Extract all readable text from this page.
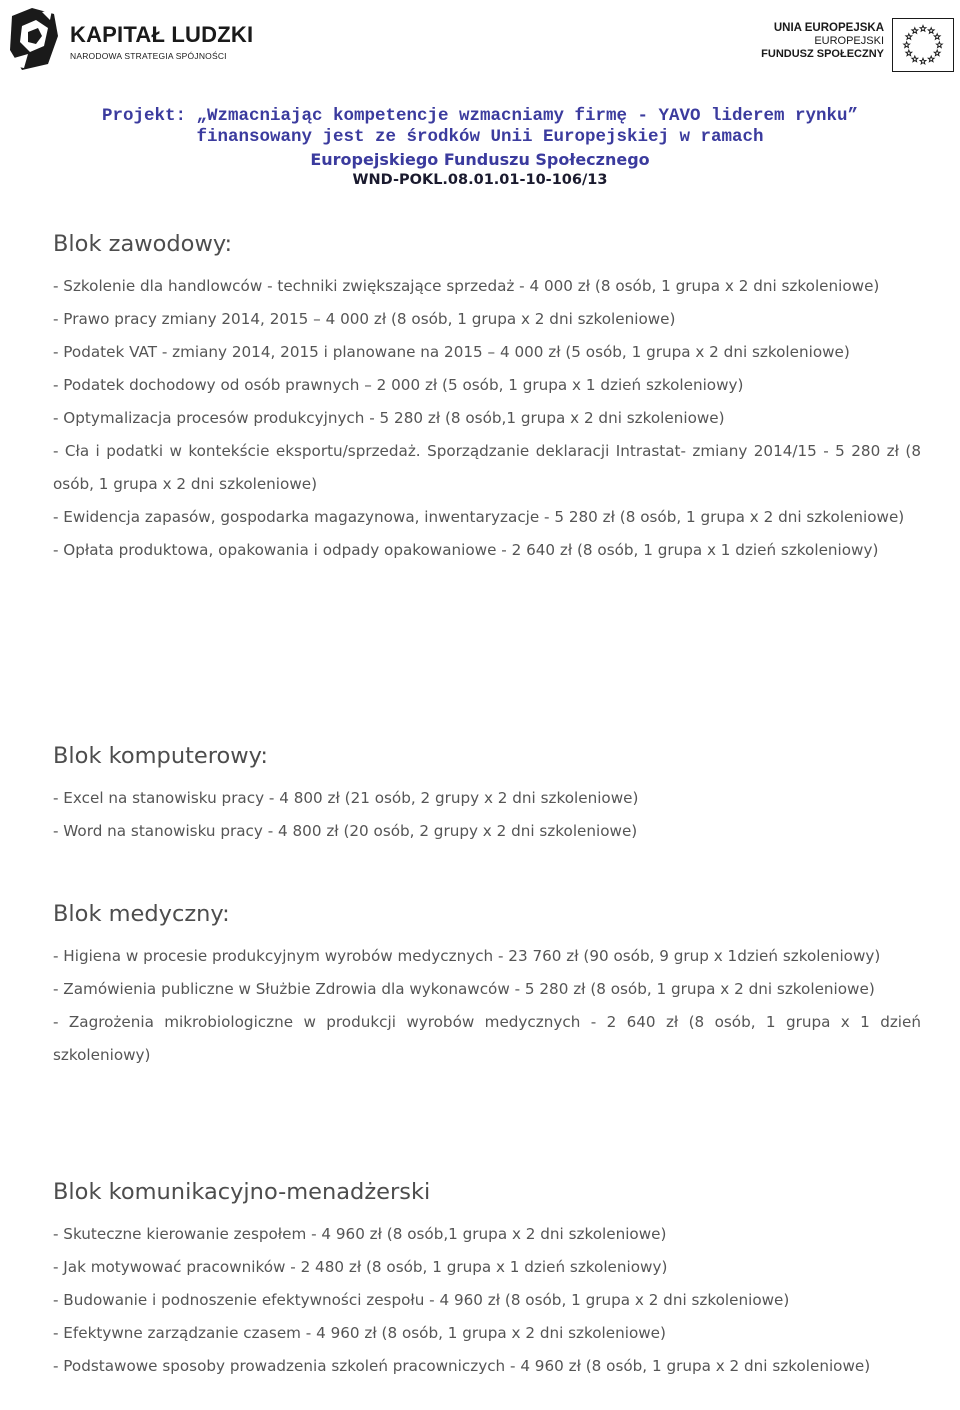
KAPITAŁ LUDZKI
NARODOWA STRATEGIA SPÓJNOŚCI
UNIA EUROPEJSKA
EUROPEJSKI
FUNDUSZ SPOŁECZNY
Projekt: „Wzmacniając kompetencje wzmacniamy firmę - YAVO liderem rynku”
finansowany jest ze środków Unii Europejskiej w ramach
Europejskiego Funduszu Społecznego
WND-POKL.08.01.01-10-106/13
Blok zawodowy:
- Szkolenie dla handlowców - techniki zwiększające sprzedaż - 4 000 zł (8 osób, 1 grupa x 2 dni szkoleniowe)
- Prawo pracy zmiany 2014, 2015 – 4 000 zł (8 osób, 1 grupa x 2 dni szkoleniowe)
- Podatek VAT - zmiany 2014, 2015 i planowane na 2015 – 4 000 zł (5 osób, 1 grupa x 2 dni szkoleniowe)
- Podatek dochodowy od osób prawnych – 2 000 zł (5 osób, 1 grupa x 1 dzień szkoleniowy)
- Optymalizacja procesów produkcyjnych - 5 280 zł (8 osób,1 grupa x 2 dni szkoleniowe)
- Cła i podatki w kontekście eksportu/sprzedaż. Sporządzanie deklaracji Intrastat- zmiany 2014/15 - 5 280 zł (8 osób, 1 grupa x 2 dni szkoleniowe)
- Ewidencja zapasów, gospodarka magazynowa, inwentaryzacje - 5 280 zł (8 osób, 1 grupa x 2 dni szkoleniowe)
- Opłata produktowa, opakowania i odpady opakowaniowe - 2 640 zł (8 osób, 1 grupa x 1 dzień szkoleniowy)
Blok komputerowy:
- Excel na stanowisku pracy - 4 800 zł (21 osób, 2 grupy x 2 dni szkoleniowe)
- Word na stanowisku pracy - 4 800 zł (20 osób, 2 grupy x 2 dni szkoleniowe)
Blok medyczny:
- Higiena w procesie produkcyjnym wyrobów medycznych - 23 760 zł (90 osób, 9 grup x 1dzień szkoleniowy)
- Zamówienia publiczne w Służbie Zdrowia dla wykonawców - 5 280 zł (8 osób, 1 grupa x 2 dni szkoleniowe)
- Zagrożenia mikrobiologiczne w produkcji wyrobów medycznych - 2 640 zł (8 osób, 1 grupa x 1 dzień szkoleniowy)
Blok komunikacyjno-menadżerski
- Skuteczne kierowanie zespołem - 4 960 zł (8 osób,1 grupa x 2 dni szkoleniowe)
- Jak motywować pracowników - 2 480 zł (8 osób, 1 grupa x 1 dzień szkoleniowy)
- Budowanie i podnoszenie efektywności zespołu - 4 960 zł (8 osób, 1 grupa x 2 dni szkoleniowe)
- Efektywne zarządzanie czasem - 4 960 zł (8 osób, 1 grupa x 2 dni szkoleniowe)
- Podstawowe sposoby prowadzenia szkoleń pracowniczych - 4 960 zł (8 osób, 1 grupa x 2 dni szkoleniowe)
